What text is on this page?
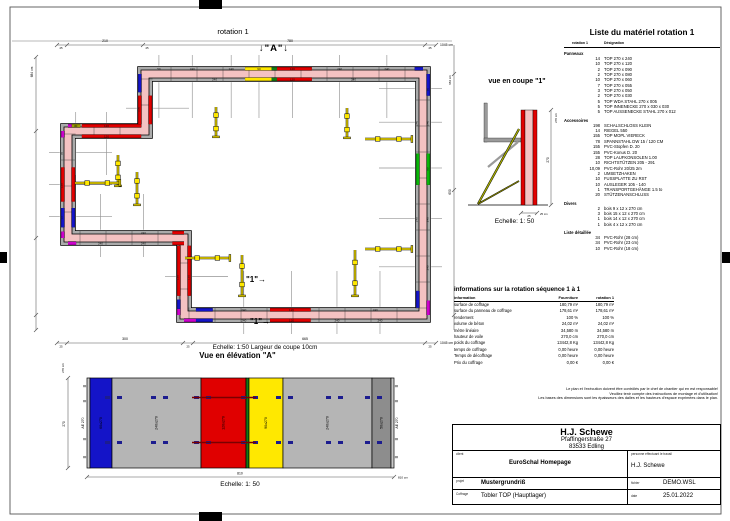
50	240	240	90	120	240	240
120
240	240
50
240
90
240
240
240
240
240
240
120
240
120	240
240
130 130
240
240
240
55
130
55
120
120
30
130
210	780
25	25	25
1045 cm
300	665
25	25	25
1045 cm
684 cm
650
684 cm
270
270 cm
25	25 cm
AE 270	60x270	240x270	120x270	90x270	240x270	50x270	AE 270
270
270 cm
810
810 cm
rotation 1
↓"A"↓
"1"→
"1"→
Echelle: 1:50 Largeur de coupe 10cm
Vue en élévation "A"
Echelle: 1: 50
vue en coupe "1"
Echelle: 1: 50
Liste du matériel rotation 1
rotation 1	Désignation
Panneaux
14 TOP 270 x 240
10 TOP 270 x 120
2 TOP 270 x 090
2 TOP 270 x 080
10 TOP 270 x 060
7 TOP 270 x 055
3 TOP 270 x 050
2 TOP 270 x 030
5 TOP WDA STAHL 270 x 005
5 TOP INNENECKE 270 x 030 x 030
5 TOP AUSSENECKE STAHL 270 x 012
Accessoires
198 SCHALSCHLOSS KLEIN
14 RIEGEL 550
155 TOP MOPL VIERECK
78 SPANNSTAHL DW 15 / 120 CM
155 PVC-Stopfen D. 20
155 PVC-Konus D. 20
28 TOP LAUFKONSOLEN 1.00
10 RICHTSTÜTZEN 205 - 291
10,09 PVC-Rohr 20/25 2m
2 UMSETZHAKEN
10 FUSSPLATTE ZU RST
10 AUSLEGER 105 - 140
1 TRANSPORTGEHÄNGE 1.5 to
20 STÜTZENANSCHLUSS
Divers
2 bois 9 x 12 x 270 cm
3 bois 15 x 12 x 270 cm
1 bois 14 x 12 x 270 cm
1 bois 4 x 12 x 270 cm
Liste détaillée
34 PVC-Rohr (28 cm)
34 PVC-Rohr (23 cm)
10 PVC-Rohr (18 cm)
informations sur la rotation séquence 1 à 1
information	Fourniture	rotation 1
surface de coffrage	180,79 m²	180,79 m²
surface du panneau de coffrage	178,61 m²	178,61 m²
rendement	100 %	100 %
volume de béton	24,02 m³	24,02 m³
mètre linéaire	34,580 m	34,580 m
hauteur de voile	270,0 cm	270,0 cm
poids du coffrage	13442,8 Kg	13442,8 Kg
temps de coffrage	0,00 heure	0,00 heure
Temps de décoffrage	0,00 heure	0,00 heure
Prix du coffrage	0,00 €	0,00 €
Le plan et l'exécution doivent être contrôlés par le chef de chantier qui en est responsable!
Veuillez tenir compte des instructions de montage et d'utilisation!
Les bases des dimensions sont les épaisseurs des dalles et les hauteurs d'espace exprimées dans le plan.
H.J. Schewe
Pfaffingerstraße 27
83533 Edling
client
EuroSchal Homepage
personne effectuant le travail
H.J. Schewe
projet	Mustergrundriß	fichier	DEMO.WSL
Coffrage Tobler TOP (Hauptlager)	date	25.01.2022
